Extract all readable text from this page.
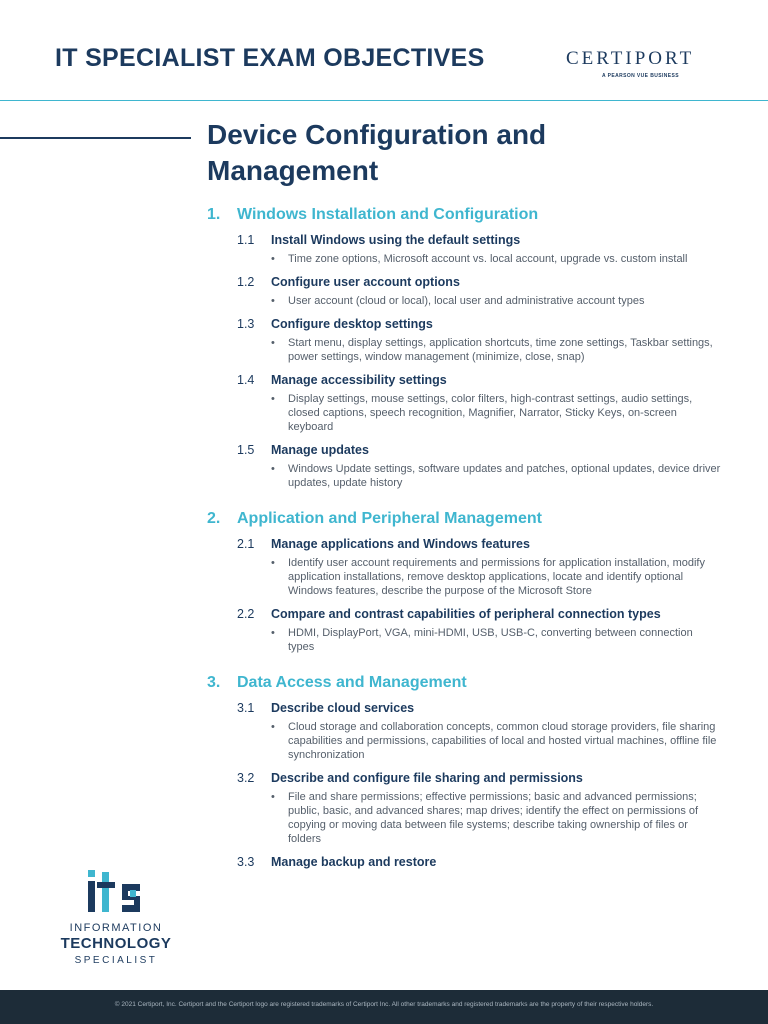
IT SPECIALIST EXAM OBJECTIVES	CERTIPORT
A PEARSON VUE BUSINESS
Device Configuration and
Management
1.	Windows Installation and Configuration
1.1	Install Windows using the default settings
•	Time zone options, Microsoft account vs. local account, upgrade vs. custom install
1.2	Configure user account options
•	User account (cloud or local), local user and administrative account types
1.3	Configure desktop settings
•	Start menu, display settings, application shortcuts, time zone settings, Taskbar settings, power settings, window management (minimize, close, snap)
1.4	Manage accessibility settings
•	Display settings, mouse settings, color filters, high-contrast settings, audio settings, closed captions, speech recognition, Magnifier, Narrator, Sticky Keys, on-screen keyboard
1.5	Manage updates
•	Windows Update settings, software updates and patches, optional updates, device driver updates, update history
2.	Application and Peripheral Management
2.1	Manage applications and Windows features
•	Identify user account requirements and permissions for application installation, modify application installations, remove desktop applications, locate and identify optional Windows features, describe the purpose of the Microsoft Store
2.2	Compare and contrast capabilities of peripheral connection types
•	HDMI, DisplayPort, VGA, mini-HDMI, USB, USB-C, converting between connection types
3.	Data Access and Management
3.1	Describe cloud services
•	Cloud storage and collaboration concepts, common cloud storage providers, file sharing capabilities and permissions, capabilities of local and hosted virtual machines, offline file synchronization
3.2	Describe and configure file sharing and permissions
•	File and share permissions; effective permissions; basic and advanced permissions; public, basic, and advanced shares; map drives; identify the effect on permissions of copying or moving data between file systems; describe taking ownership of files or folders
3.3	Manage backup and restore
INFORMATION
TECHNOLOGY
SPECIALIST
© 2021 Certiport, Inc. Certiport and the Certiport logo are registered trademarks of Certiport Inc. All other trademarks and registered trademarks are the property of their respective holders.
